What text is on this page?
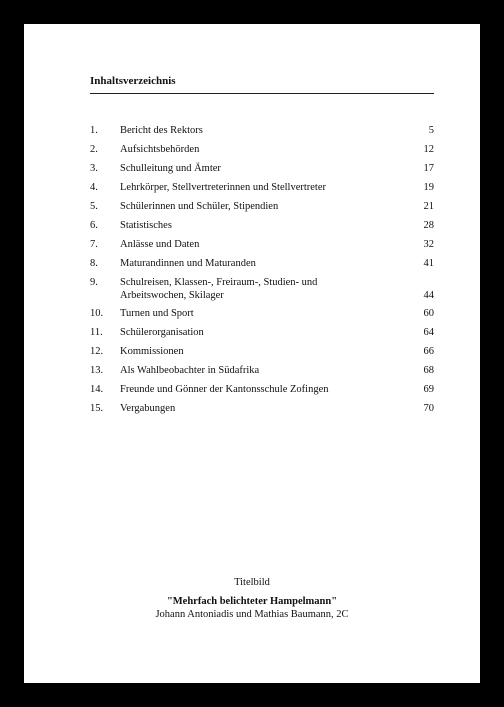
Inhaltsverzeichnis
1. Bericht des Rektors	5
2. Aufsichtsbehörden	12
3. Schulleitung und Ämter	17
4. Lehrkörper, Stellvertreterinnen und Stellvertreter	19
5. Schülerinnen und Schüler, Stipendien	21
6. Statistisches	28
7. Anlässe und Daten	32
8. Maturandinnen und Maturanden	41
9. Schulreisen, Klassen-, Freiraum-, Studien- und Arbeitswochen, Skilager	44
10. Turnen und Sport	60
11. Schülerorganisation	64
12. Kommissionen	66
13. Als Wahlbeobachter in Südafrika	68
14. Freunde und Gönner der Kantonsschule Zofingen	69
15. Vergabungen	70
Titelbild
"Mehrfach belichteter Hampelmann"
Johann Antoniadis und Mathias Baumann, 2C
